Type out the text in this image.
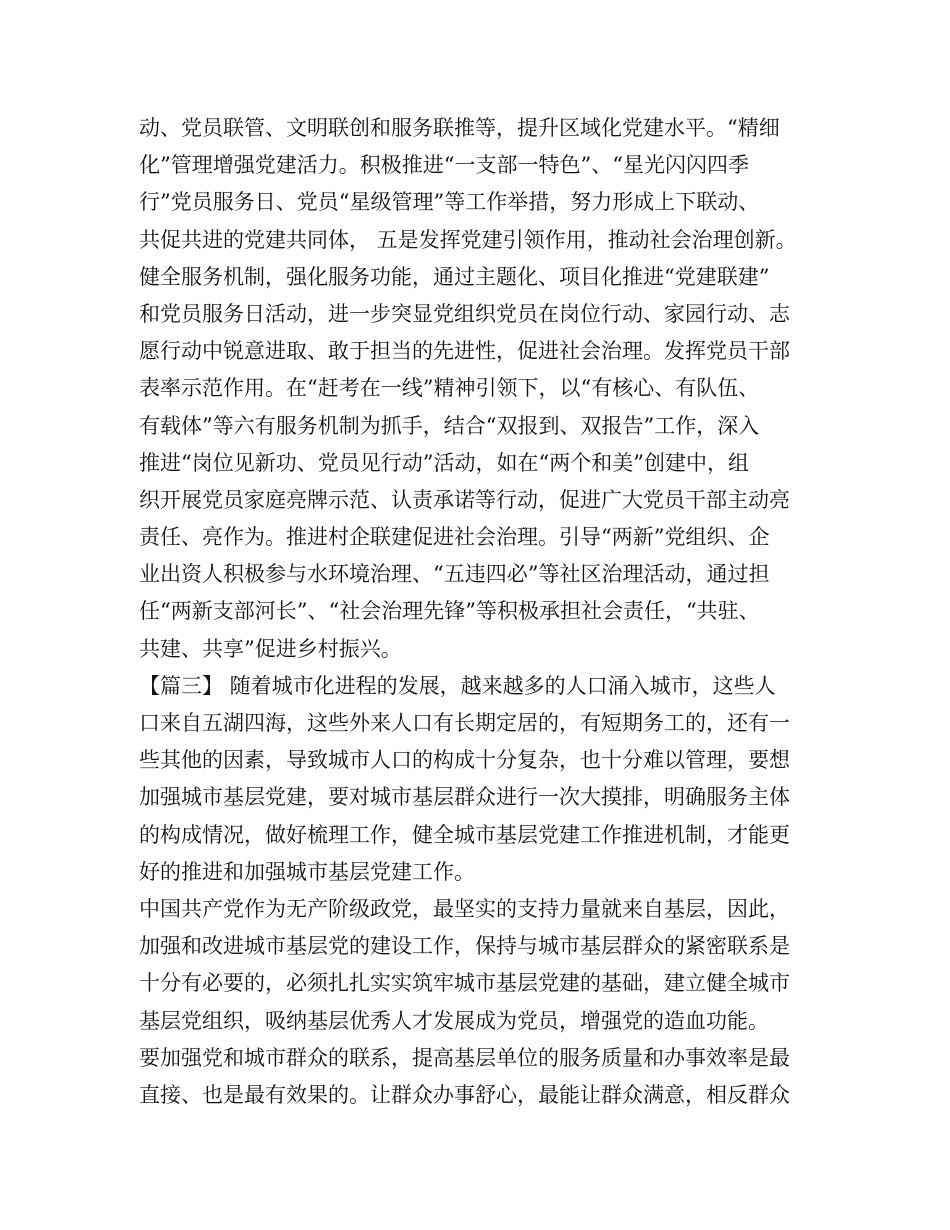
动、党员联管、文明联创和服务联推等，提升区域化党建水平。“精细
化”管理增强党建活力。积极推进“一支部一特色”、“星光闪闪四季
行”党员服务日、党员“星级管理”等工作举措，努力形成上下联动、
共促共进的党建共同体， 五是发挥党建引领作用，推动社会治理创新。
健全服务机制，强化服务功能，通过主题化、项目化推进“党建联建”
和党员服务日活动，进一步突显党组织党员在岗位行动、家园行动、志
愿行动中锐意进取、敢于担当的先进性，促进社会治理。发挥党员干部
表率示范作用。在“赶考在一线”精神引领下，以“有核心、有队伍、
有载体”等六有服务机制为抓手，结合“双报到、双报告”工作，深入
推进“岗位见新功、党员见行动”活动，如在“两个和美”创建中，组
织开展党员家庭亮牌示范、认责承诺等行动，促进广大党员干部主动亮
责任、亮作为。推进村企联建促进社会治理。引导“两新”党组织、企
业出资人积极参与水环境治理、“五违四必”等社区治理活动，通过担
任“两新支部河长”、“社会治理先锋”等积极承担社会责任，“共驻、
共建、共享”促进乡村振兴。
【篇三】 随着城市化进程的发展，越来越多的人口涌入城市，这些人
口来自五湖四海，这些外来人口有长期定居的，有短期务工的，还有一
些其他的因素，导致城市人口的构成十分复杂，也十分难以管理，要想
加强城市基层党建，要对城市基层群众进行一次大摸排，明确服务主体
的构成情况，做好梳理工作，健全城市基层党建工作推进机制，才能更
好的推进和加强城市基层党建工作。
中国共产党作为无产阶级政党，最坚实的支持力量就来自基层，因此，
加强和改进城市基层党的建设工作，保持与城市基层群众的紧密联系是
十分有必要的，必须扎扎实实筑牢城市基层党建的基础，建立健全城市
基层党组织，吸纳基层优秀人才发展成为党员，增强党的造血功能。
要加强党和城市群众的联系，提高基层单位的服务质量和办事效率是最
直接、也是最有效果的。让群众办事舒心，最能让群众满意，相反群众
